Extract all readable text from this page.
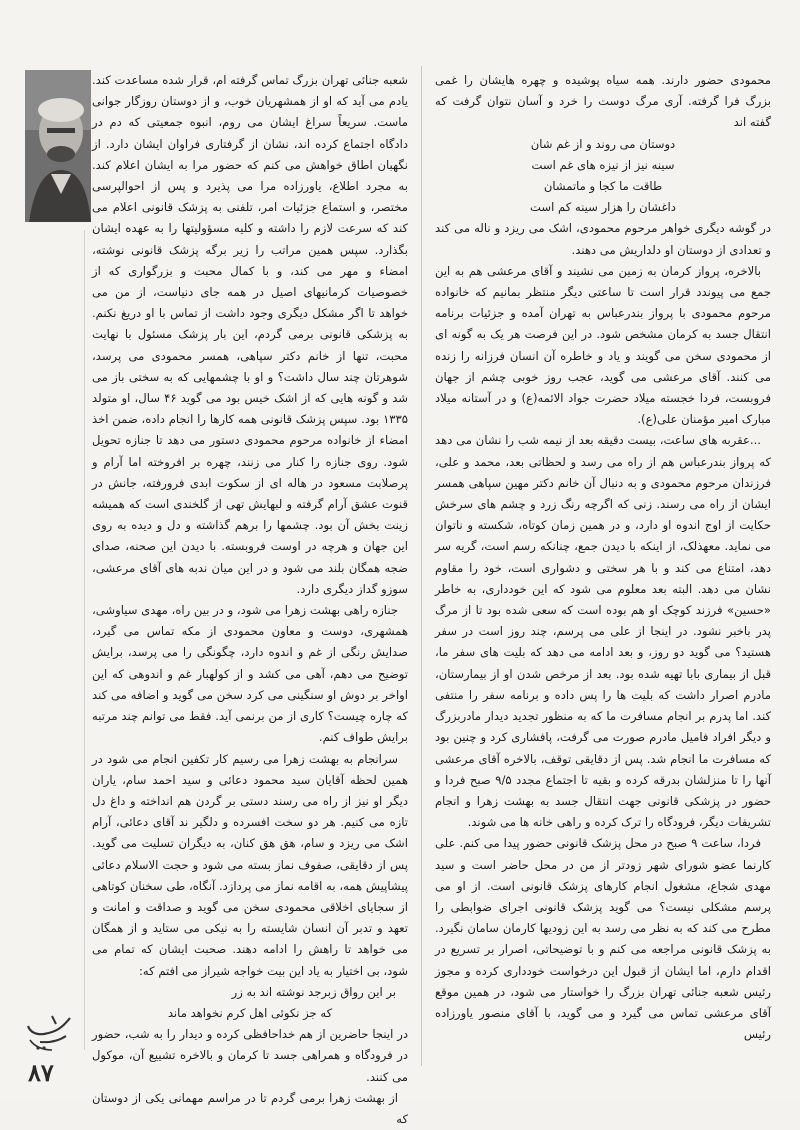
محمودی حضور دارند. همه سیاه پوشیده و چهره هایشان را غمی بزرگ فرا گرفته. آری مرگ دوست را خرد و آسان نتوان گرفت که گفته اند

دوستان می روند و از غم شان

سینه نیز از نیزه های غم است

طاقت ما کجا و ماتمشان

داغشان را هزار سینه کم است

در گوشه دیگری خواهر مرحوم محمودی، اشک می ریزد و ناله می کند و تعدادی از دوستان او دلداریش می دهند.

بالاخره، پرواز کرمان به زمین می نشیند و آقای مرعشی هم به این جمع می پیوندد قرار است تا ساعتی دیگر منتظر بمانیم که خانواده مرحوم محمودی با پرواز بندرعباس به تهران آمده و جزئیات برنامه انتقال جسد به کرمان مشخص شود. در این فرصت هر یک به گونه ای از محمودی سخن می گویند و یاد و خاطره آن انسان فرزانه را زنده می کنند. آقای مرعشی می گوید، عجب روز خوبی چشم از جهان فروبست، فردا خجسته میلاد حضرت جواد الائمه(ع) و در آستانه میلاد مبارک امیر مؤمنان علی(ع).

...عقربه های ساعت، بیست دقیقه بعد از نیمه شب را نشان می دهد که پرواز بندرعباس هم از راه می رسد و لحظاتی بعد، محمد و علی، فرزندان مرحوم محمودی و به دنبال آن خانم دکتر مهین سپاهی همسر ایشان از راه می رسند. زنی که اگرچه رنگ زرد و چشم های سرخش حکایت از اوج اندوه او دارد، و در همین زمان کوتاه، شکسته و ناتوان می نماید. معهذلک، از اینکه با دیدن جمع، چنانکه رسم است، گریه سر دهد، امتناع می کند و با هر سختی و دشواری است، خود را مقاوم نشان می دهد. البته بعد معلوم می شود که این خودداری، به خاطر «حسین» فرزند کوچک او هم بوده است که سعی شده بود تا از مرگ پدر باخبر نشود. در اینجا از علی می پرسم، چند روز است در سفر هستید؟ می گوید دو روز، و بعد ادامه می دهد که بلیت های سفر ما، قبل از بیماری بابا تهیه شده بود. بعد از مرخص شدن او از بیمارستان، مادرم اصرار داشت که بلیت ها را پس داده و برنامه سفر را منتفی کند. اما پدرم بر انجام مسافرت ما که به منظور تجدید دیدار مادربزرگ و دیگر افراد فامیل مادرم صورت می گرفت، پافشاری کرد و چنین بود که مسافرت ما انجام شد. پس از دقایقی توقف، بالاخره آقای مرعشی آنها را تا منزلشان بدرقه کرده و بقیه تا اجتماع مجدد ۹/۵ صبح فردا و حضور در پزشکی قانونی جهت انتقال جسد به بهشت زهرا و انجام تشریفات دیگر، فرودگاه را ترک کرده و راهی خانه ها می شوند.

فردا، ساعت ۹ صبح در محل پزشک قانونی حضور پیدا می کنم. علی کارنما عضو شورای شهر زودتر از من در محل حاضر است و سید مهدی شجاع، مشغول انجام کارهای پزشک قانونی است. از او می پرسم مشکلی نیست؟ می گوید پزشک قانونی اجرای ضوابطی را مطرح می کند که به نظر می رسد به این زودیها کارمان سامان نگیرد. به پزشک قانونی مراجعه می کنم و با توضیحاتی، اصرار بر تسریع در اقدام دارم، اما ایشان از قبول این درخواست خودداری کرده و مجوز رئیس شعبه جنائی تهران بزرگ را خواستار می شود، در همین موقع آقای مرعشی تماس می گیرد و می گوید، با آقای منصور یاورزاده رئیس

شعبه جنائی تهران بزرگ تماس گرفته ام، قرار شده مساعدت کند. یادم می آید که او از همشهریان خوب، و از دوستان روزگار جوانی ماست. سریعاً سراغ ایشان می روم، انبوه جمعیتی که دم در دادگاه اجتماع کرده اند، نشان از گرفتاری فراوان ایشان دارد. از نگهبان اطاق خواهش می کنم که حضور مرا به ایشان اعلام کند. به مجرد اطلاع، یاورزاده مرا می پذیرد و پس از احوالپرسی مختصر، و استماع جزئیات امر، تلفنی به پزشک قانونی اعلام می کند که سرعت لازم را داشته و کلیه مسؤولیتها را به عهده ایشان بگذارد. سپس همین مراتب را زیر برگه پزشک قانونی نوشته، امضاء و مهر می کند، و با کمال محبت و بزرگواری که از خصوصیات کرمانیهای اصیل در همه جای دنیاست، از من می خواهد تا اگر مشکل دیگری وجود داشت از تماس با او دریغ نکنم. به پزشکی قانونی برمی گردم، این بار پزشک مسئول با نهایت محبت، تنها از خانم دکتر سپاهی، همسر محمودی می پرسد، شوهرتان چند سال داشت؟ و او با چشمهایی که به سختی باز می شد و گونه هایی که از اشک خیس بود می گوید ۴۶ سال، او متولد ۱۳۳۵ بود. سپس پزشک قانونی همه کارها را انجام داده، ضمن اخذ امضاء از خانواده مرحوم محمودی دستور می دهد تا جنازه تحویل شود. روی جنازه را کنار می زنند، چهره بر افروخته اما آرام و پرصلابت مسعود در هاله ای از سکوت ابدی فرورفته، جانش در قنوت عشق آرام گرفته و لبهایش تهی از گلخندی است که همیشه زینت بخش آن بود. چشمها را برهم گذاشته و دل و دیده به روی این جهان و هرچه در اوست فروبسته. با دیدن این صحنه، صدای ضجه همگان بلند می شود و در این میان ندبه های آقای مرعشی، سوزو گداز دیگری دارد.

جنازه راهی بهشت زهرا می شود، و در بین راه، مهدی سیاوشی، همشهری، دوست و معاون محمودی از مکه تماس می گیرد، صدایش رنگی از غم و اندوه دارد، چگونگی را می پرسد، برایش توضیح می دهم، آهی می کشد و از کولهبار غم و اندوهی که این اواخر بر دوش او سنگینی می کرد سخن می گوید و اضافه می کند که چاره چیست؟ کاری از من برنمی آید. فقط می توانم چند مرتبه برایش طواف کنم.

سرانجام به بهشت زهرا می رسیم کار تکفین انجام می شود در همین لحظه آقایان سید محمود دعائی و سید احمد سام، یاران دیگر او نیز از راه می رسند دستی بر گردن هم انداخته و داغ دل تازه می کنیم. هر دو سخت افسرده و دلگیر ند آقای دعائی، آرام اشک می ریزد و سام، هق هق کنان، به دیگران تسلیت می گوید. پس از دقایقی، صفوف نماز بسته می شود و حجت الاسلام دعائی پیشاپیش همه، به اقامه نماز می پردازد. آنگاه، طی سخنان کوتاهی از سجایای اخلاقی محمودی سخن می گوید و صداقت و امانت و تعهد و تدبر آن انسان شایسته را به نیکی می ستاید و از همگان می خواهد تا راهش را ادامه دهند. صحبت ایشان که تمام می شود، بی اختیار به یاد این بیت خواجه شیراز می افتم که:

بر این رواق زبرجد نوشته اند به زر

که جز نکوئی اهل کرم نخواهد ماند

در اینجا حاضرین از هم خداحافظی کرده و دیدار را به شب، حضور در فرودگاه و همراهی جسد تا کرمان و بالاخره تشییع آن، موکول می کنند.

از بهشت زهرا برمی گردم تا در مراسم مهمانی یکی از دوستان که

۸۷
